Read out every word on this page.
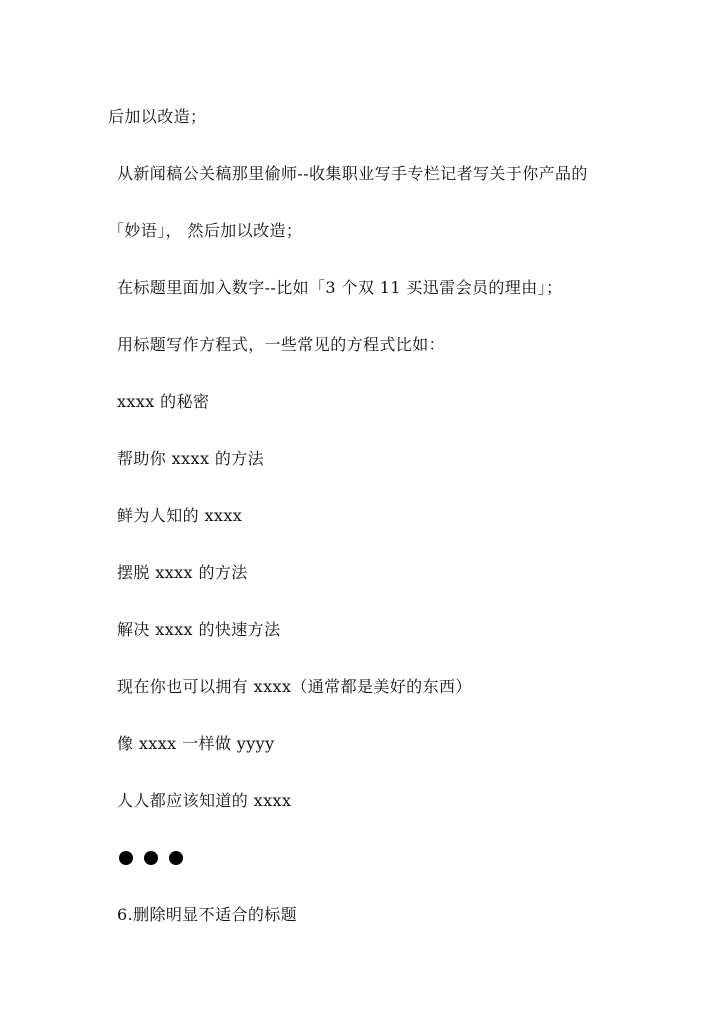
后加以改造；
从新闻稿公关稿那里偷师--收集职业写手专栏记者写关于你产品的
「妙语」， 然后加以改造；
在标题里面加入数字--比如「3 个双 11 买迅雷会员的理由」；
用标题写作方程式，一些常见的方程式比如：
xxxx 的秘密
帮助你 xxxx 的方法
鲜为人知的 xxxx
摆脱 xxxx 的方法
解决 xxxx 的快速方法
现在你也可以拥有 xxxx（通常都是美好的东西）
像 xxxx 一样做 yyyy
人人都应该知道的 xxxx
6.删除明显不适合的标题
